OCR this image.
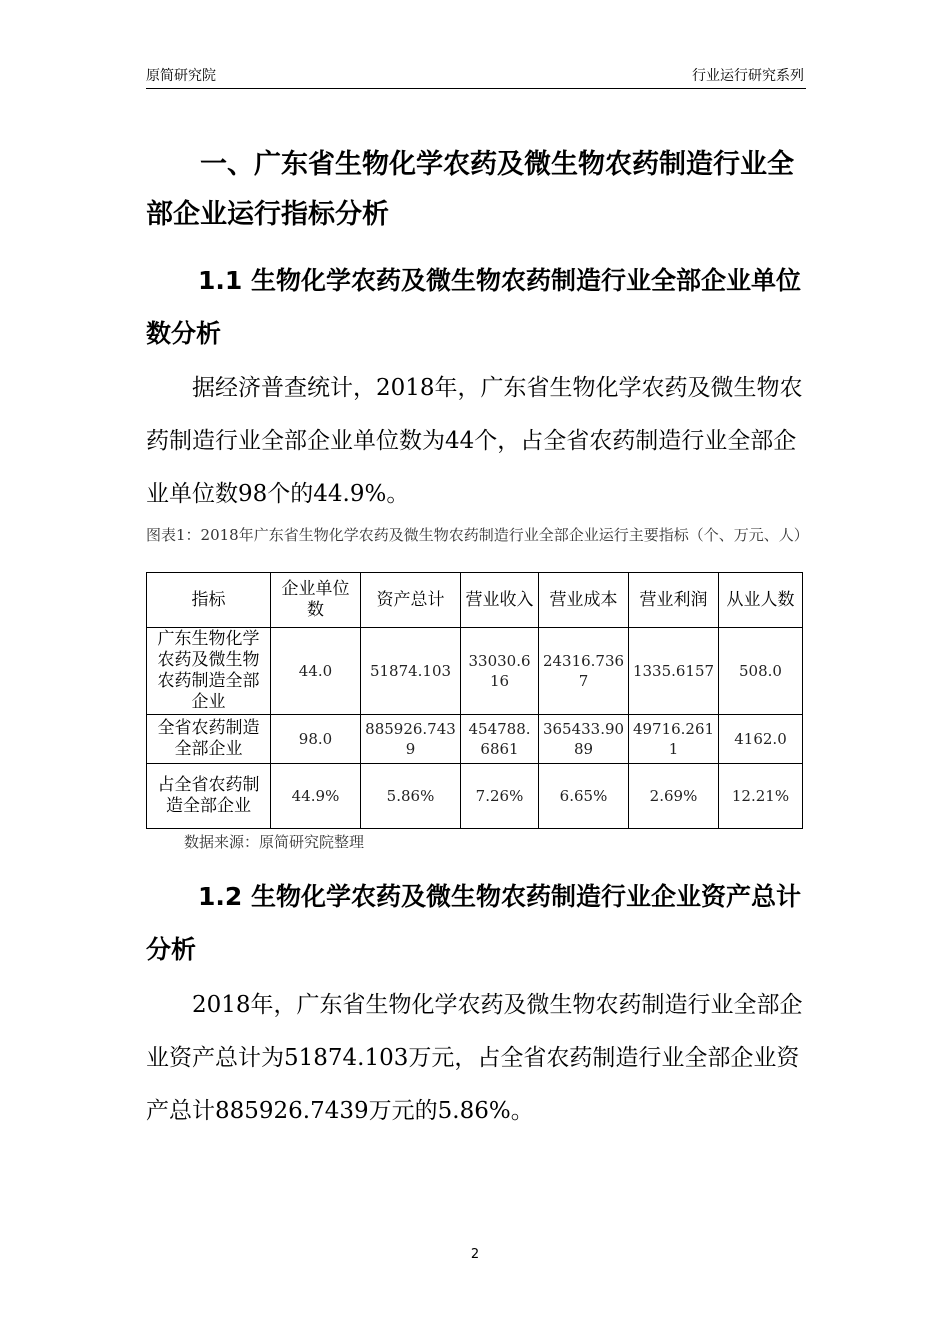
原简研究院	行业运行研究系列
一、广东省生物化学农药及微生物农药制造行业全部企业运行指标分析
1.1 生物化学农药及微生物农药制造行业全部企业单位数分析

据经济普查统计，2018年，广东省生物化学农药及微生物农药制造行业全部企业单位数为44个，占全省农药制造行业全部企业单位数98个的44.9%。

图表1：2018年广东省生物化学农药及微生物农药制造行业全部企业运行主要指标（个、万元、人）

指标	企业单位数	资产总计	营业收入	营业成本	营业利润	从业人数
广东生物化学农药及微生物农药制造全部企业	44.0	51874.103	33030.616	24316.7367	1335.6157	508.0
全省农药制造全部企业	98.0	885926.7439	454788.6861	365433.9089	49716.2611	4162.0
占全省农药制造全部企业	44.9%	5.86%	7.26%	6.65%	2.69%	12.21%
数据来源：原简研究院整理
1.2 生物化学农药及微生物农药制造行业企业资产总计分析

2018年，广东省生物化学农药及微生物农药制造行业全部企业资产总计为51874.103万元，占全省农药制造行业全部企业资产总计885926.7439万元的5.86%。

2
